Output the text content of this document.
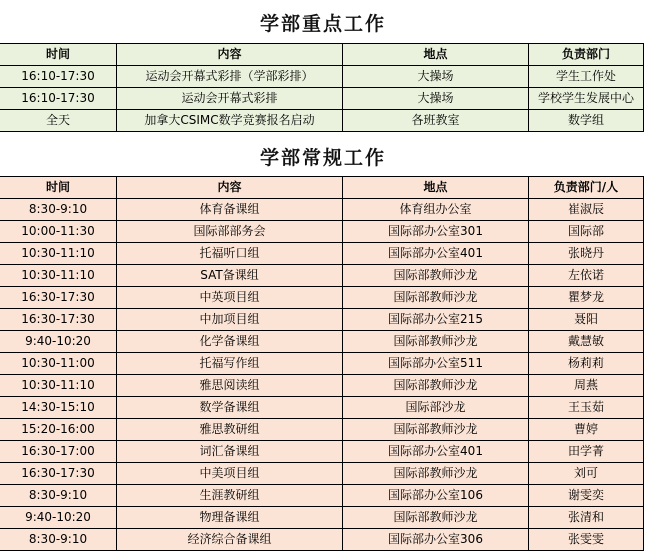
学部重点工作
时间	内容	地点	负责部门
16:10-17:30	运动会开幕式彩排（学部彩排）	大操场	学生工作处
16:10-17:30	运动会开幕式彩排	大操场	学校学生发展中心
全天	加拿大CSIMC数学竞赛报名启动	各班教室	数学组
学部常规工作
时间	内容	地点	负责部门/人
8:30-9:10	体育备课组	体育组办公室	崔淑辰
10:00-11:30	国际部部务会	国际部办公室301	国际部
10:30-11:10	托福听口组	国际部办公室401	张晓丹
10:30-11:10	SAT备课组	国际部教师沙龙	左依诺
16:30-17:30	中英项目组	国际部教师沙龙	瞿梦龙
16:30-17:30	中加项目组	国际部办公室215	聂阳
9:40-10:20	化学备课组	国际部教师沙龙	戴慧敏
10:30-11:00	托福写作组	国际部办公室511	杨莉莉
10:30-11:10	雅思阅读组	国际部教师沙龙	周燕
14:30-15:10	数学备课组	国际部沙龙	王玉茹
15:20-16:00	雅思教研组	国际部教师沙龙	曹婷
16:30-17:00	词汇备课组	国际部办公室401	田学菁
16:30-17:30	中美项目组	国际部教师沙龙	刘可
8:30-9:10	生涯教研组	国际部办公室106	谢雯奕
9:40-10:20	物理备课组	国际部教师沙龙	张清和
8:30-9:10	经济综合备课组	国际部办公室306	张雯雯
